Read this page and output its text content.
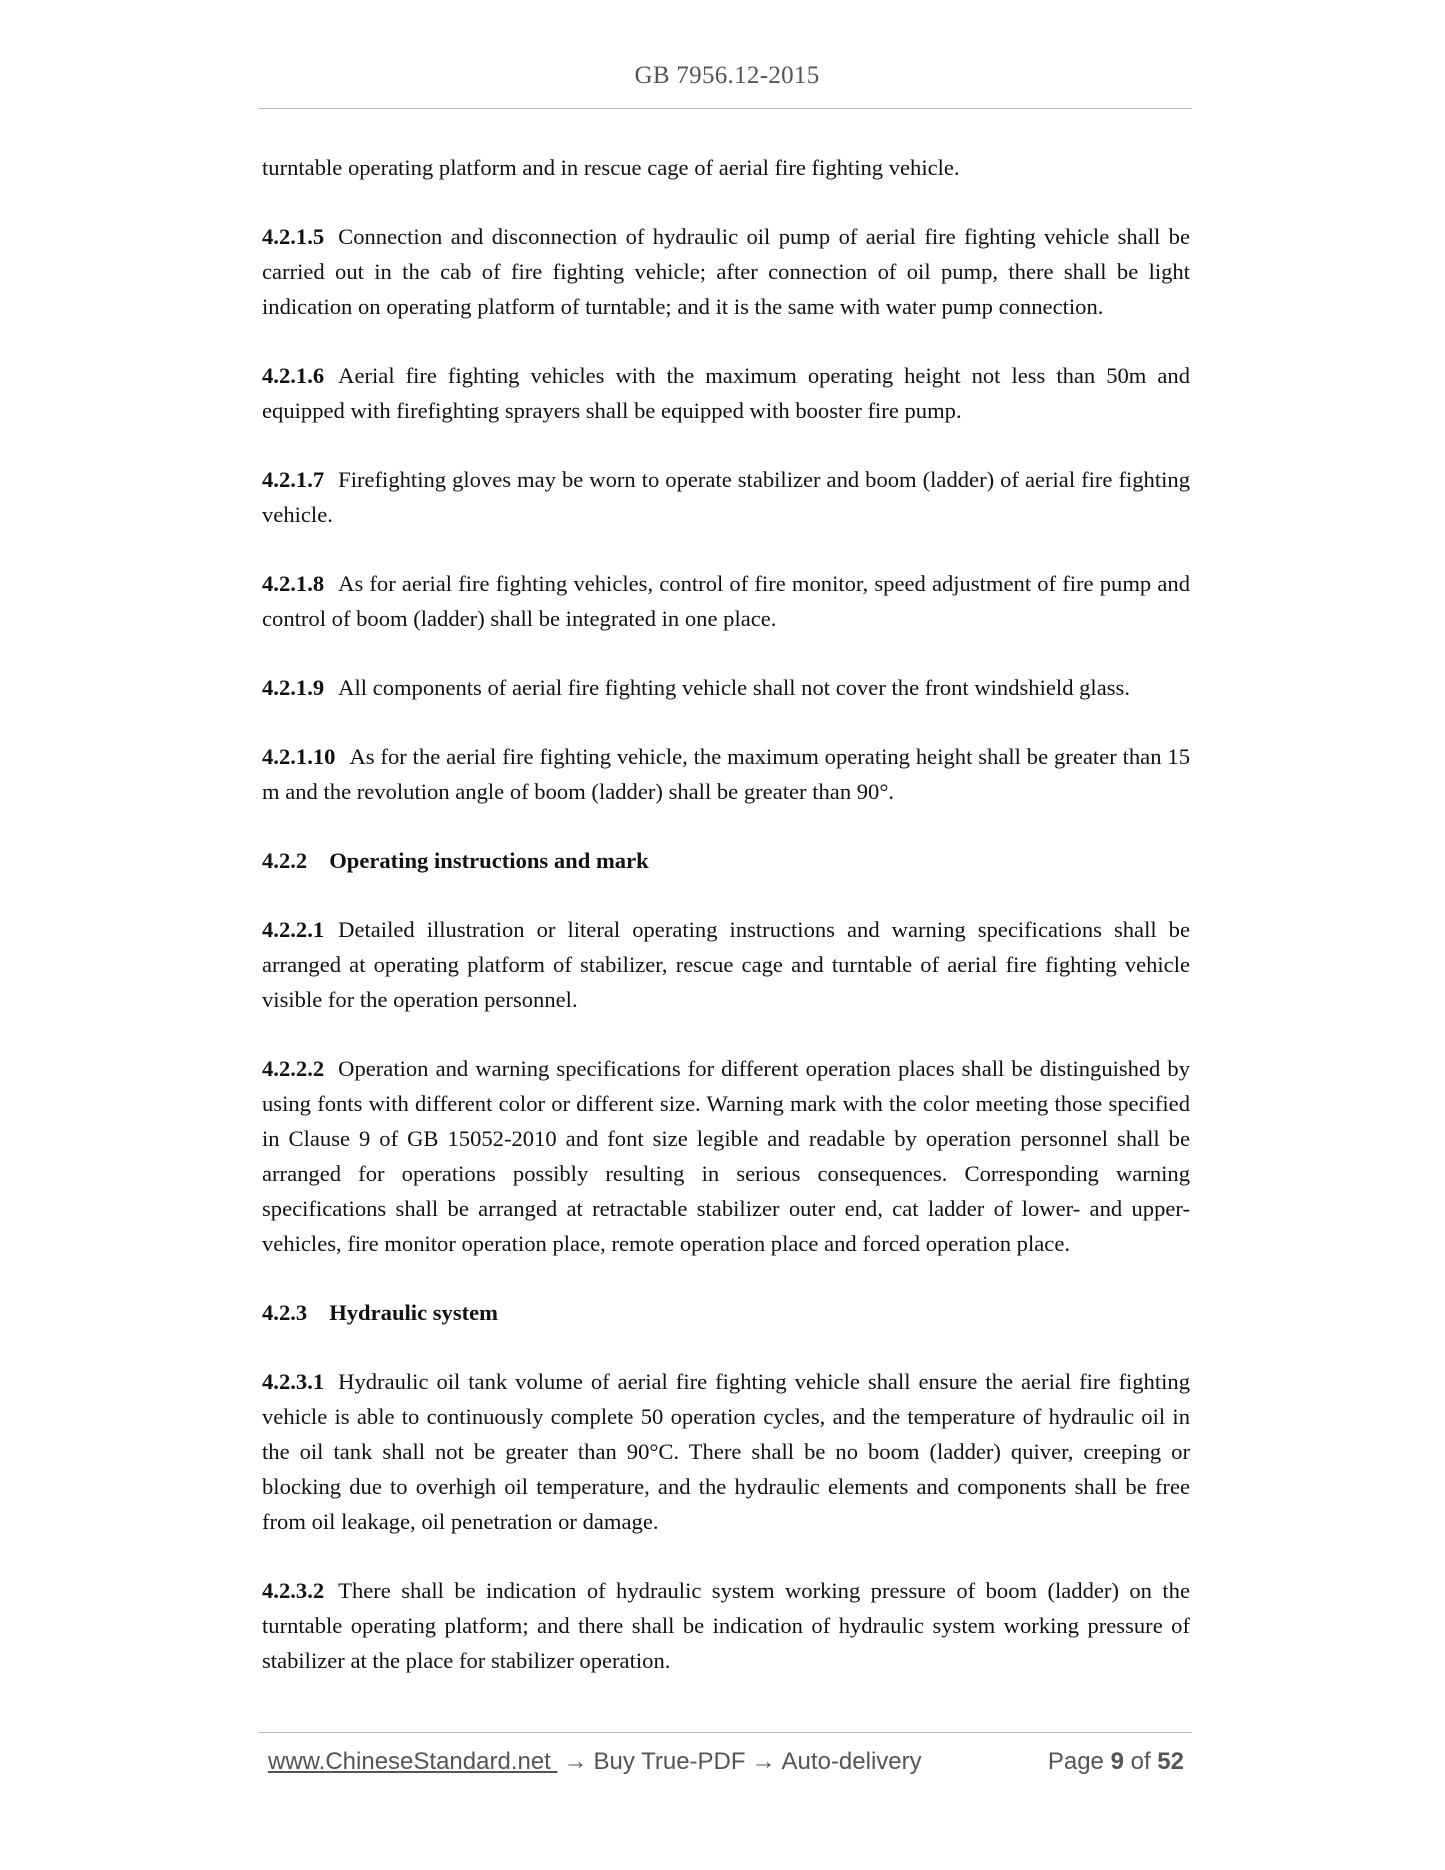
GB 7956.12-2015

turntable operating platform and in rescue cage of aerial fire fighting vehicle.

4.2.1.5 Connection and disconnection of hydraulic oil pump of aerial fire fighting vehicle shall be carried out in the cab of fire fighting vehicle; after connection of oil pump, there shall be light indication on operating platform of turntable; and it is the same with water pump connection.

4.2.1.6 Aerial fire fighting vehicles with the maximum operating height not less than 50m and equipped with firefighting sprayers shall be equipped with booster fire pump.

4.2.1.7 Firefighting gloves may be worn to operate stabilizer and boom (ladder) of aerial fire fighting vehicle.

4.2.1.8 As for aerial fire fighting vehicles, control of fire monitor, speed adjustment of fire pump and control of boom (ladder) shall be integrated in one place.

4.2.1.9 All components of aerial fire fighting vehicle shall not cover the front windshield glass.

4.2.1.10 As for the aerial fire fighting vehicle, the maximum operating height shall be greater than 15 m and the revolution angle of boom (ladder) shall be greater than 90°.

4.2.2 Operating instructions and mark

4.2.2.1 Detailed illustration or literal operating instructions and warning specifications shall be arranged at operating platform of stabilizer, rescue cage and turntable of aerial fire fighting vehicle visible for the operation personnel.

4.2.2.2 Operation and warning specifications for different operation places shall be distinguished by using fonts with different color or different size. Warning mark with the color meeting those specified in Clause 9 of GB 15052-2010 and font size legible and readable by operation personnel shall be arranged for operations possibly resulting in serious consequences. Corresponding warning specifications shall be arranged at retractable stabilizer outer end, cat ladder of lower- and upper-vehicles, fire monitor operation place, remote operation place and forced operation place.

4.2.3 Hydraulic system

4.2.3.1 Hydraulic oil tank volume of aerial fire fighting vehicle shall ensure the aerial fire fighting vehicle is able to continuously complete 50 operation cycles, and the temperature of hydraulic oil in the oil tank shall not be greater than 90°C. There shall be no boom (ladder) quiver, creeping or blocking due to overhigh oil temperature, and the hydraulic elements and components shall be free from oil leakage, oil penetration or damage.

4.2.3.2 There shall be indication of hydraulic system working pressure of boom (ladder) on the turntable operating platform; and there shall be indication of hydraulic system working pressure of stabilizer at the place for stabilizer operation.

www.ChineseStandard.net → Buy True-PDF → Auto-delivery	Page 9 of 52
